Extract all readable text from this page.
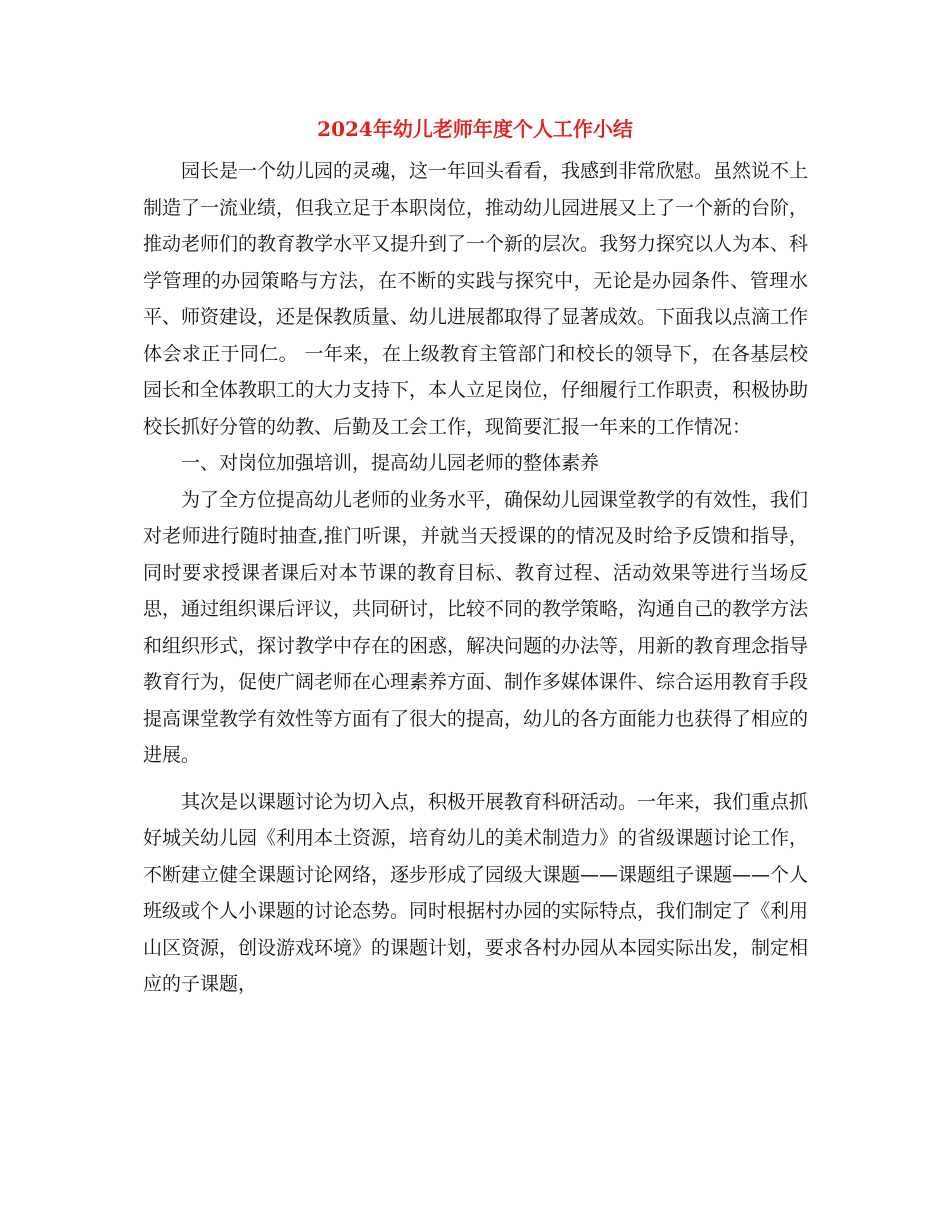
2024年幼儿老师年度个人工作小结

园长是一个幼儿园的灵魂，这一年回头看看，我感到非常欣慰。虽然说不上制造了一流业绩，但我立足于本职岗位，推动幼儿园进展又上了一个新的台阶，推动老师们的教育教学水平又提升到了一个新的层次。我努力探究以人为本、科学管理的办园策略与方法，在不断的实践与探究中，无论是办园条件、管理水平、师资建设，还是保教质量、幼儿进展都取得了显著成效。下面我以点滴工作体会求正于同仁。 一年来，在上级教育主管部门和校长的领导下，在各基层校园长和全体教职工的大力支持下，本人立足岗位，仔细履行工作职责，积极协助校长抓好分管的幼教、后勤及工会工作，现简要汇报一年来的工作情况：

一、对岗位加强培训，提高幼儿园老师的整体素养

为了全方位提高幼儿老师的业务水平，确保幼儿园课堂教学的有效性，我们对老师进行随时抽查,推门听课，并就当天授课的的情况及时给予反馈和指导，同时要求授课者课后对本节课的教育目标、教育过程、活动效果等进行当场反思，通过组织课后评议，共同研讨，比较不同的教学策略，沟通自己的教学方法和组织形式，探讨教学中存在的困惑，解决问题的办法等，用新的教育理念指导教育行为，促使广阔老师在心理素养方面、制作多媒体课件、综合运用教育手段提高课堂教学有效性等方面有了很大的提高，幼儿的各方面能力也获得了相应的进展。

其次是以课题讨论为切入点，积极开展教育科研活动。一年来，我们重点抓好城关幼儿园《利用本土资源，培育幼儿的美术制造力》的省级课题讨论工作，不断建立健全课题讨论网络，逐步形成了园级大课题——课题组子课题——个人班级或个人小课题的讨论态势。同时根据村办园的实际特点，我们制定了《利用山区资源，创设游戏环境》的课题计划，要求各村办园从本园实际出发，制定相应的子课题，
